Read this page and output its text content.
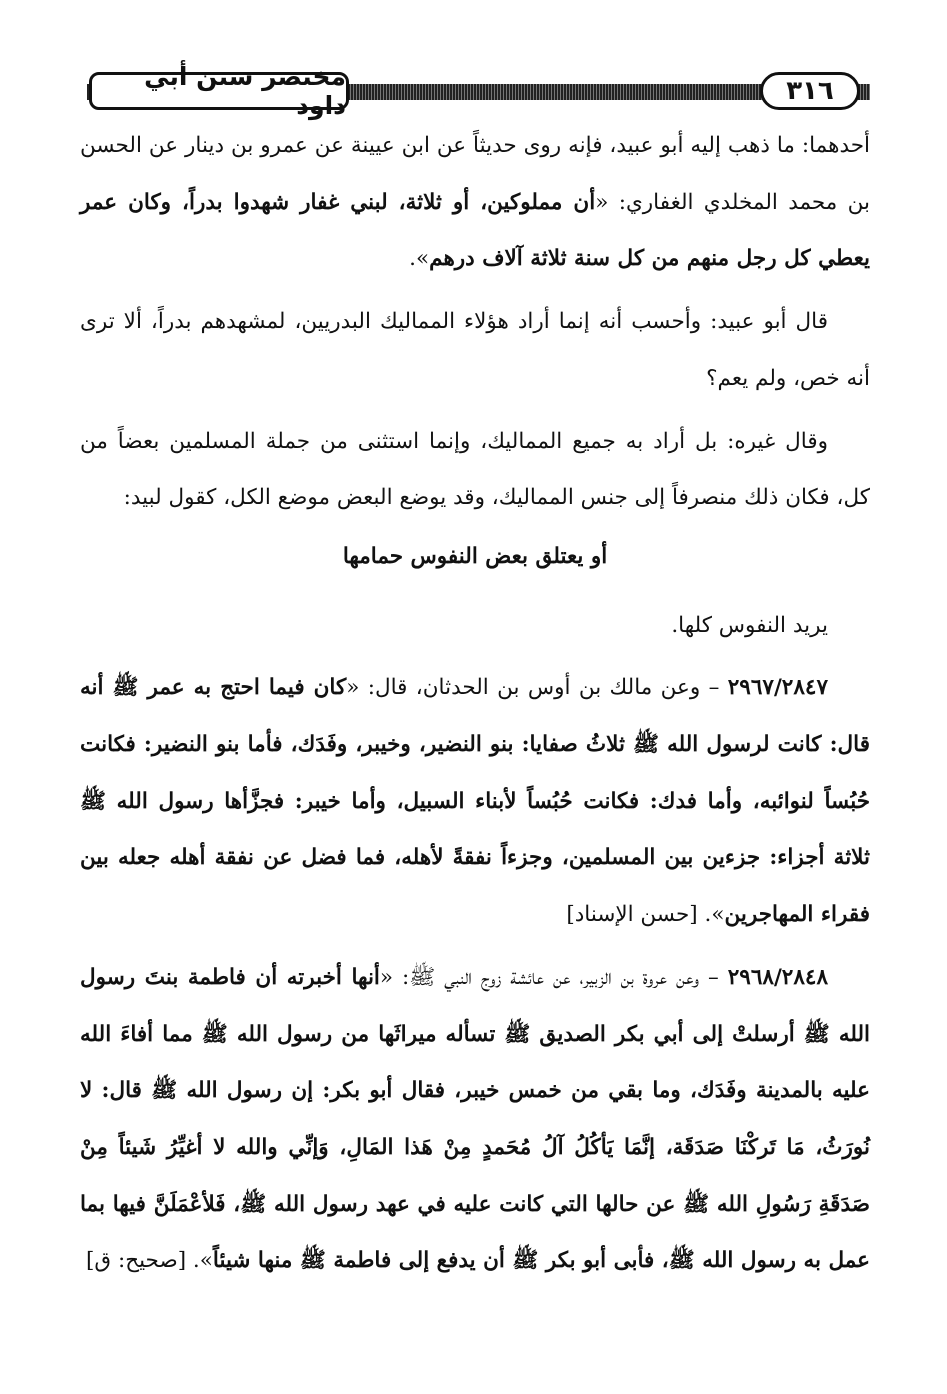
مختصر سنن أبي داود	٣١٦

أحدهما: ما ذهب إليه أبو عبيد، فإنه روى حديثاً عن ابن عيينة عن عمرو بن دينار عن الحسن بن محمد المخلدي الغفاري: «أن مملوكين، أو ثلاثة، لبني غفار شهدوا بدراً، وكان عمر يعطي كل رجل منهم من كل سنة ثلاثة آلاف درهم».

قال أبو عبيد: وأحسب أنه إنما أراد هؤلاء المماليك البدريين، لمشهدهم بدراً، ألا ترى أنه خص، ولم يعم؟

وقال غيره: بل أراد به جميع المماليك، وإنما استثنى من جملة المسلمين بعضاً من كل، فكان ذلك منصرفاً إلى جنس المماليك، وقد يوضع البعض موضع الكل، كقول لبيد:

أو يعتلق بعض النفوس حمامها

يريد النفوس كلها.

٢٩٦٧/٢٨٤٧ – وعن مالك بن أوس بن الحدثان، قال: «كان فيما احتج به عمر ﷺ أنه قال: كانت لرسول الله ﷺ ثلاثُ صفايا: بنو النضير، وخيبر، وفَدَك، فأما بنو النضير: فكانت حُبُساً لنوائبه، وأما فدك: فكانت حُبُساً لأبناء السبيل، وأما خيبر: فجزَّأها رسول الله ﷺ ثلاثة أجزاء: جزءين بين المسلمين، وجزءاً نفقةً لأهله، فما فضل عن نفقة أهله جعله بين فقراء المهاجرين». [حسن الإسناد]

٢٩٦٨/٢٨٤٨ – وعن عروة بن الزبير، عن عائشة زوج النبي ﷺ: «أنها أخبرته أن فاطمة بنتَ رسول الله ﷺ أرسلتْ إلى أبي بكر الصديق ﷺ تسأله ميراثَها من رسول الله ﷺ مما أفاءَ الله عليه بالمدينة وفَدَك، وما بقي من خمس خيبر، فقال أبو بكر: إن رسول الله ﷺ قال: لا نُورَثُ، مَا تَركْنَا صَدَقَة، إنَّمَا يَأكُلُ آلُ مُحَمدٍ مِنْ هَذا المَالِ، وَإنِّي والله لا أغيِّرُ شَيئاً مِنْ صَدَقَةِ رَسُولِ الله ﷺ عن حالها التي كانت عليه في عهد رسول الله ﷺ، فَلأعْمَلَنَّ فيها بما عمل به رسول الله ﷺ، فأبى أبو بكر ﷺ أن يدفع إلى فاطمة ﷺ منها شيئاً». [صحيح: ق]
